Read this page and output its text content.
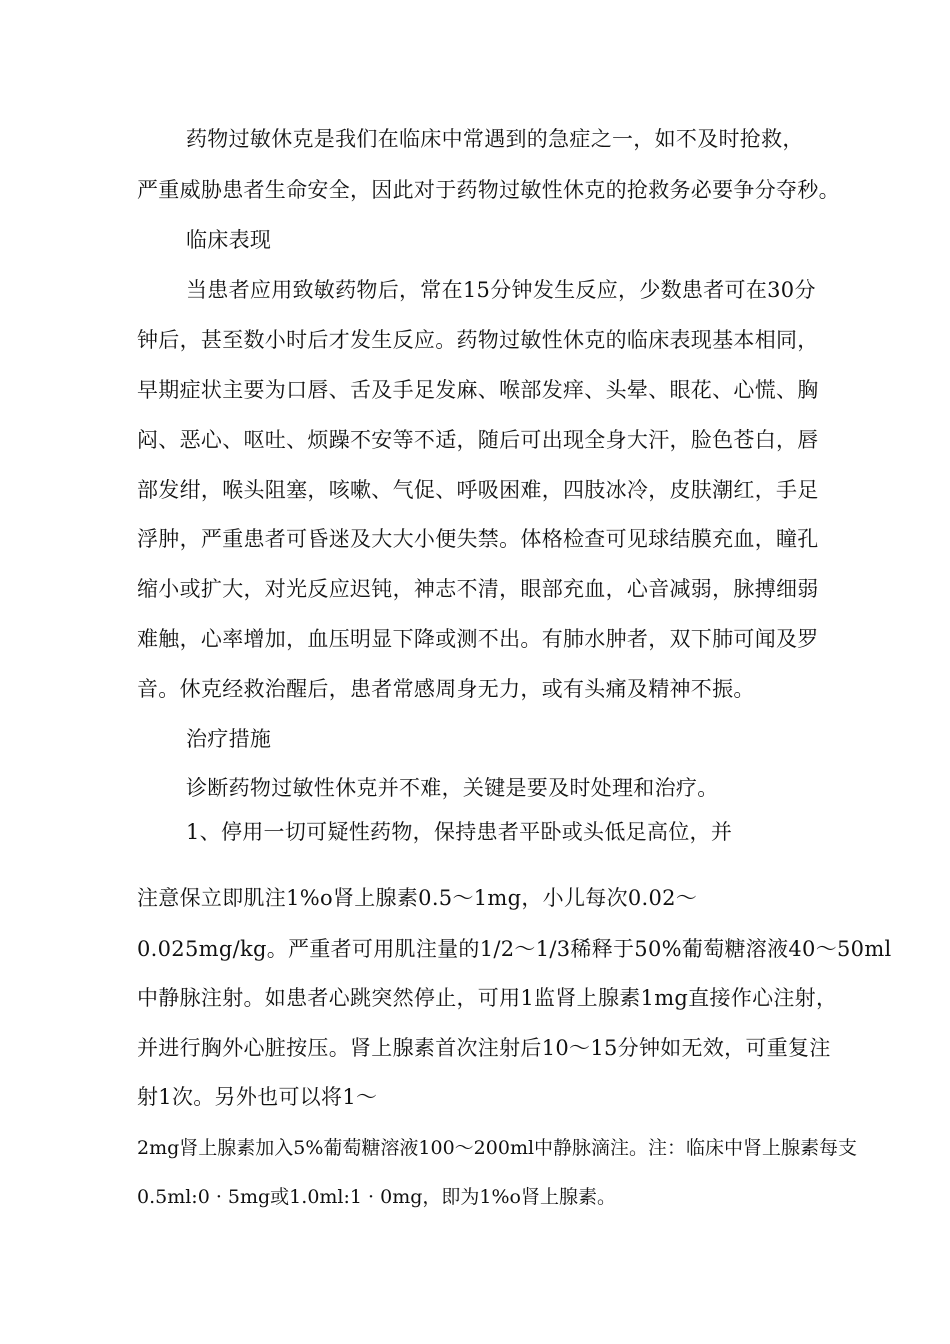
药物过敏休克是我们在临床中常遇到的急症之一，如不及时抢救，
严重威胁患者生命安全，因此对于药物过敏性休克的抢救务必要争分夺秒。
临床表现
当患者应用致敏药物后，常在15分钟发生反应，少数患者可在30分
钟后，甚至数小时后才发生反应。药物过敏性休克的临床表现基本相同，
早期症状主要为口唇、舌及手足发麻、喉部发痒、头晕、眼花、心慌、胸
闷、恶心、呕吐、烦躁不安等不适，随后可出现全身大汗，脸色苍白，唇
部发绀，喉头阻塞，咳嗽、气促、呼吸困难，四肢冰冷，皮肤潮红，手足
浮肿，严重患者可昏迷及大大小便失禁。体格检查可见球结膜充血，瞳孔
缩小或扩大，对光反应迟钝，神志不清，眼部充血，心音减弱，脉搏细弱
难触，心率增加，血压明显下降或测不出。有肺水肿者，双下肺可闻及罗
音。休克经救治醒后，患者常感周身无力，或有头痛及精神不振。
治疗措施
诊断药物过敏性休克并不难，关键是要及时处理和治疗。
1、停用一切可疑性药物，保持患者平卧或头低足高位，并
注意保立即肌注1%o肾上腺素0.5〜1mg，小儿每次0.02〜
0.025mg/kg。严重者可用肌注量的1/2〜1/3稀释于50%葡萄糖溶液40〜50ml
中静脉注射。如患者心跳突然停止，可用1监肾上腺素1mg直接作心注射，
并进行胸外心脏按压。肾上腺素首次注射后10〜15分钟如无效，可重复注
射1次。另外也可以将1〜
2mg肾上腺素加入5%葡萄糖溶液100〜200ml中静脉滴注。注：临床中肾上腺素每支
0.5ml:0 · 5mg或1.0ml:1 · 0mg，即为1%o肾上腺素。
